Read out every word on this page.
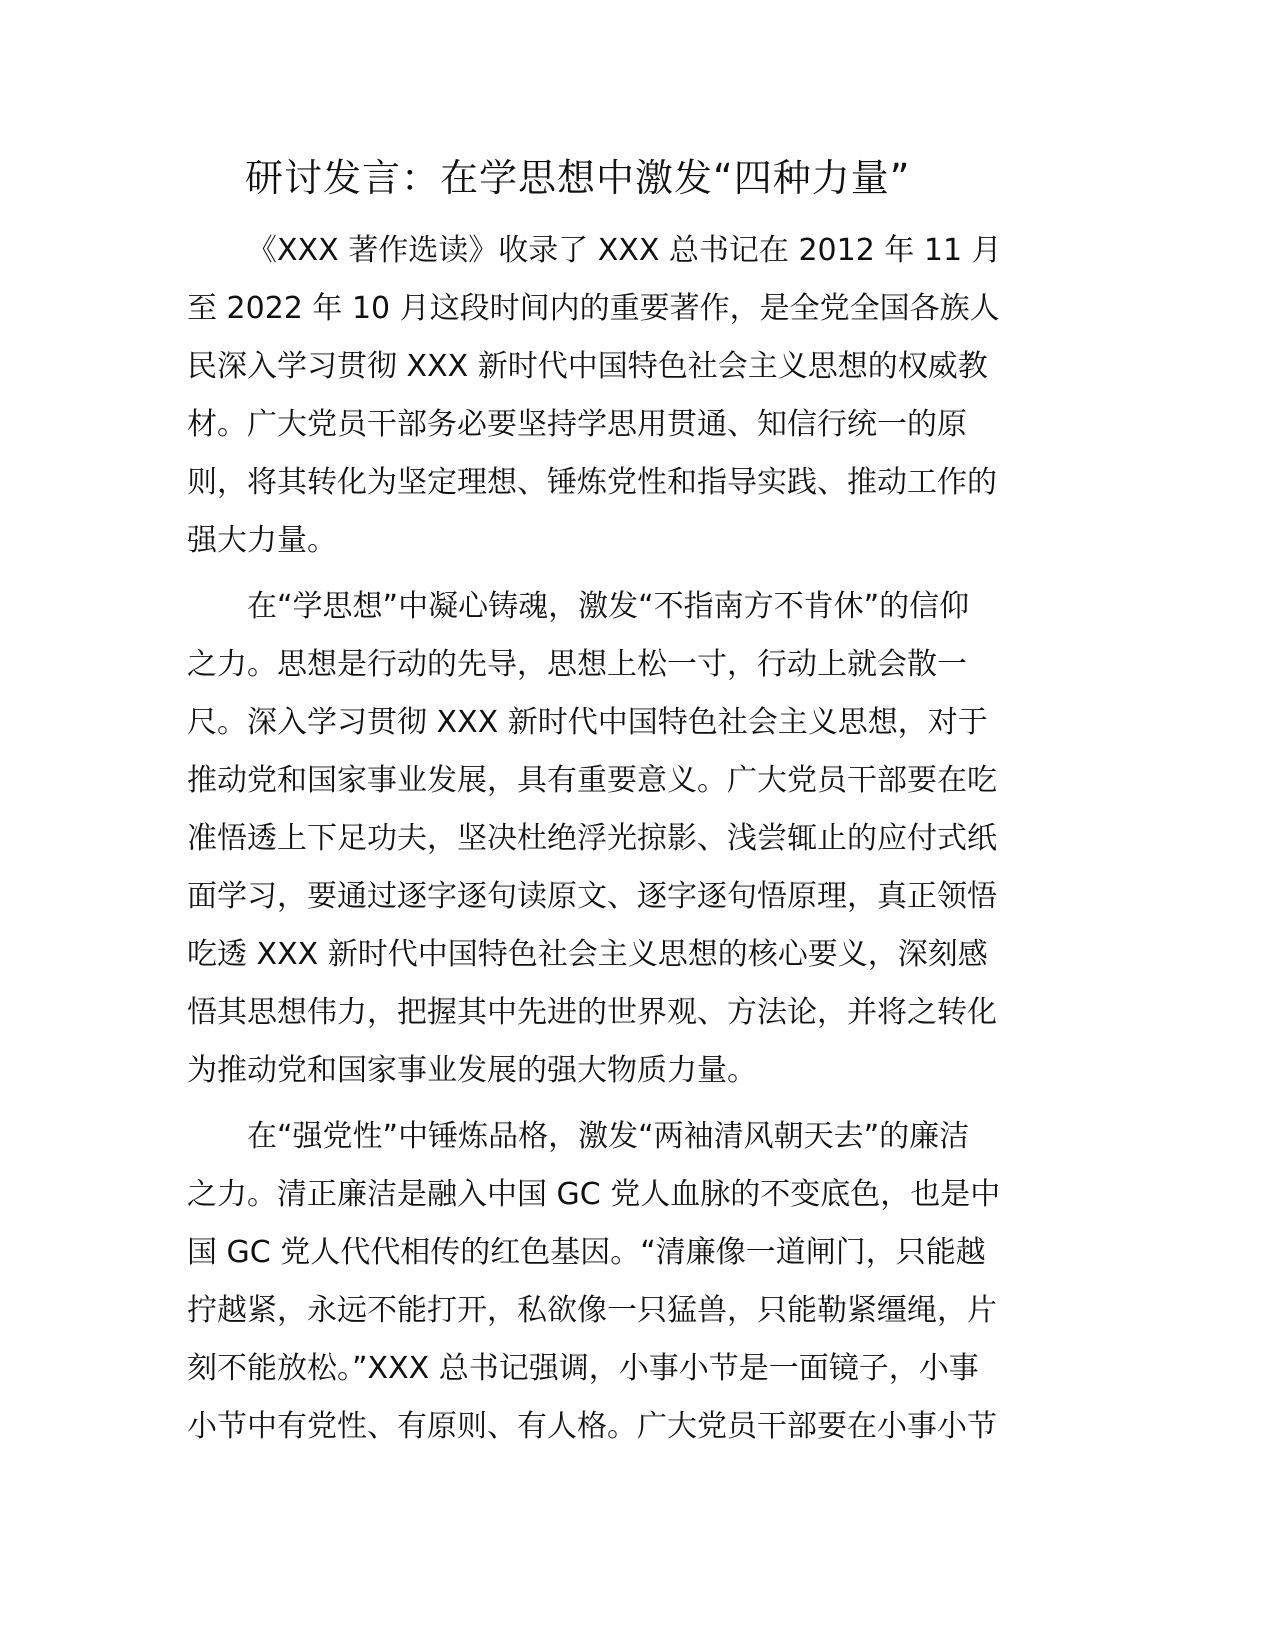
研讨发言：在学思想中激发“四种力量”
《XXX 著作选读》收录了 XXX 总书记在 2012 年 11 月
至 2022 年 10 月这段时间内的重要著作，是全党全国各族人
民深入学习贯彻 XXX 新时代中国特色社会主义思想的权威教
材。广大党员干部务必要坚持学思用贯通、知信行统一的原
则，将其转化为坚定理想、锤炼党性和指导实践、推动工作的
强大力量。
在“学思想”中凝心铸魂，激发“不指南方不肯休”的信仰
之力。思想是行动的先导，思想上松一寸，行动上就会散一
尺。深入学习贯彻 XXX 新时代中国特色社会主义思想，对于
推动党和国家事业发展，具有重要意义。广大党员干部要在吃
准悟透上下足功夫，坚决杜绝浮光掠影、浅尝辄止的应付式纸
面学习，要通过逐字逐句读原文、逐字逐句悟原理，真正领悟
吃透 XXX 新时代中国特色社会主义思想的核心要义，深刻感
悟其思想伟力，把握其中先进的世界观、方法论，并将之转化
为推动党和国家事业发展的强大物质力量。
在“强党性”中锤炼品格，激发“两袖清风朝天去”的廉洁
之力。清正廉洁是融入中国 GC 党人血脉的不变底色，也是中
国 GC 党人代代相传的红色基因。“清廉像一道闸门，只能越
拧越紧，永远不能打开，私欲像一只猛兽，只能勒紧缰绳，片
刻不能放松。”XXX 总书记强调，小事小节是一面镜子，小事
小节中有党性、有原则、有人格。广大党员干部要在小事小节
